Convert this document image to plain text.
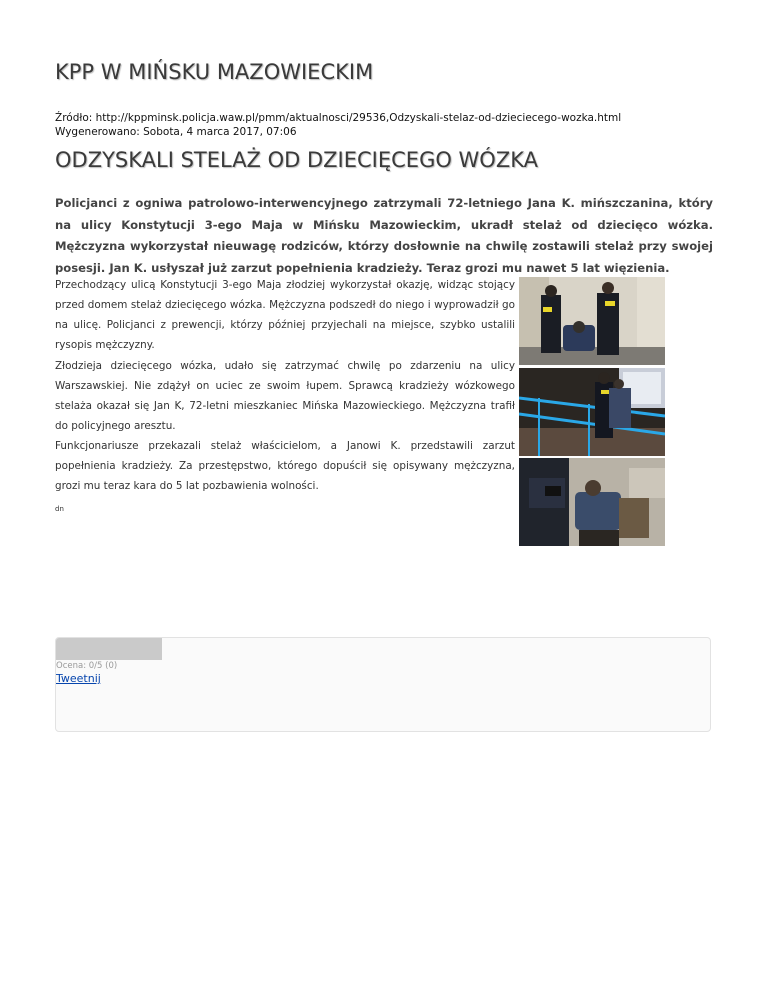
KPP W MIŃSKU MAZOWIECKIM
Źródło: http://kppminsk.policja.waw.pl/pmm/aktualnosci/29536,Odzyskali-stelaz-od-dzieciecego-wozka.html
Wygenerowano: Sobota, 4 marca 2017, 07:06
ODZYSKALI STELAŻ OD DZIECIĘCEGO WÓZKA

Policjanci z ogniwa patrolowo-interwencyjnego zatrzymali 72-letniego Jana K. mińszczanina, który na ulicy Konstytucji 3-ego Maja w Mińsku Mazowieckim, ukradł stelaż od dziecięco wózka. Mężczyzna wykorzystał nieuwagę rodziców, którzy dosłownie na chwilę zostawili stelaż przy swojej posesji. Jan K. usłyszał już zarzut popełnienia kradzieży. Teraz grozi mu nawet 5 lat więzienia.

Przechodzący ulicą Konstytucji 3-ego Maja złodziej wykorzystał okazję, widząc stojący przed domem stelaż dziecięcego wózka. Mężczyzna podszedł do niego i wyprowadził go na ulicę. Policjanci z prewencji, którzy później przyjechali na miejsce, szybko ustalili rysopis mężczyzny.

Złodzieja dziecięcego wózka, udało się zatrzymać chwilę po zdarzeniu na ulicy Warszawskiej. Nie zdążył on uciec ze swoim łupem. Sprawcą kradzieży wózkowego stelaża okazał się Jan K, 72-letni mieszkaniec Mińska Mazowieckiego. Mężczyzna trafił do policyjnego aresztu.

Funkcjonariusze przekazali stelaż właścicielom, a Janowi K. przedstawili zarzut popełnienia kradzieży. Za przestępstwo, którego dopuścił się opisywany mężczyzna, grozi mu teraz kara do 5 lat pozbawienia wolności.

dn
Ocena: 0/5 (0)
Tweetnij
